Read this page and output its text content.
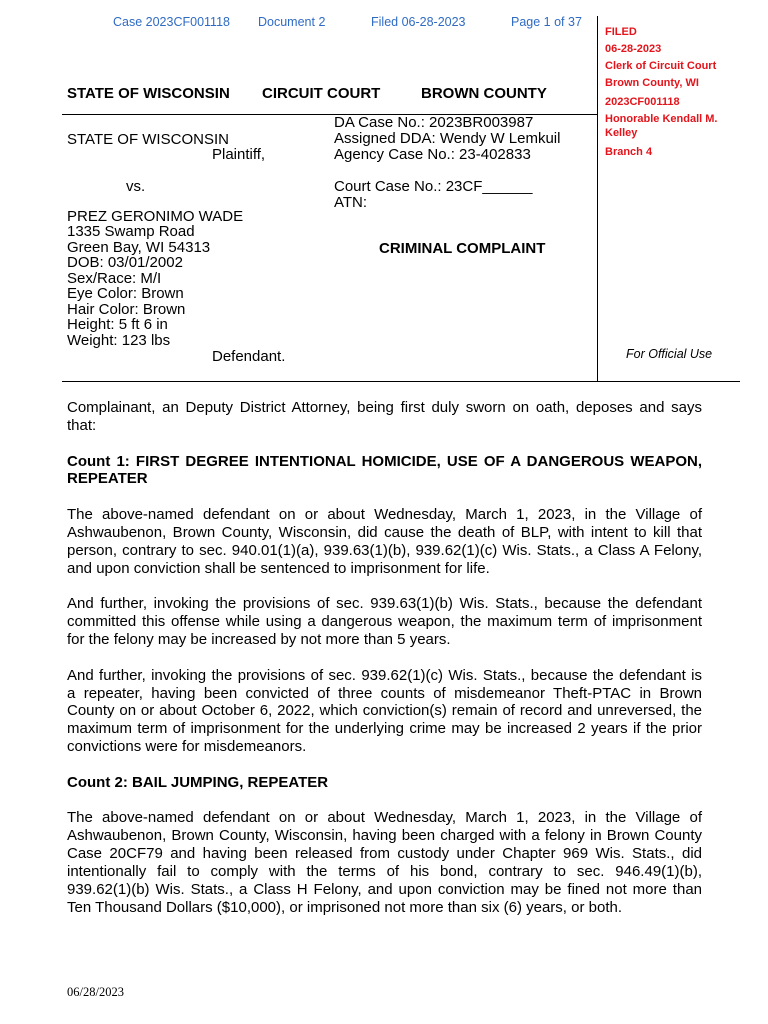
Case 2023CF001118 Document 2	Filed 06-28-2023	Page 1 of 37
FILED
06-28-2023
Clerk of Circuit Court
Brown County, WI
2023CF001118
Honorable Kendall M.
Kelley
Branch 4
STATE OF WISCONSIN CIRCUIT COURT	BROWN COUNTY
STATE OF WISCONSIN
Plaintiff,
vs.
PREZ GERONIMO WADE
1335 Swamp Road
Green Bay, WI 54313
DOB: 03/01/2002
Sex/Race: M/I
Eye Color: Brown
Hair Color: Brown
Height: 5 ft 6 in
Weight: 123 lbs
Defendant.
DA Case No.: 2023BR003987
Assigned DDA: Wendy W Lemkuil
Agency Case No.: 23-402833
Court Case No.: 23CF______
ATN:
CRIMINAL COMPLAINT
For Official Use
Complainant, an Deputy District Attorney, being first duly sworn on oath, deposes and says
that:
Count 1: FIRST DEGREE INTENTIONAL HOMICIDE, USE OF A DANGEROUS WEAPON,
REPEATER
The above-named defendant on or about Wednesday, March 1, 2023, in the Village of
Ashwaubenon, Brown County, Wisconsin, did cause the death of BLP, with intent to kill that
person, contrary to sec. 940.01(1)(a), 939.63(1)(b), 939.62(1)(c) Wis. Stats., a Class A Felony,
and upon conviction shall be sentenced to imprisonment for life.
And further, invoking the provisions of sec. 939.63(1)(b) Wis. Stats., because the defendant
committed this offense while using a dangerous weapon, the maximum term of imprisonment
for the felony may be increased by not more than 5 years.
And further, invoking the provisions of sec. 939.62(1)(c) Wis. Stats., because the defendant is
a repeater, having been convicted of three counts of misdemeanor Theft-PTAC in Brown
County on or about October 6, 2022, which conviction(s) remain of record and unreversed, the
maximum term of imprisonment for the underlying crime may be increased 2 years if the prior
convictions were for misdemeanors.
Count 2: BAIL JUMPING, REPEATER
The above-named defendant on or about Wednesday, March 1, 2023, in the Village of
Ashwaubenon, Brown County, Wisconsin, having been charged with a felony in Brown County
Case 20CF79 and having been released from custody under Chapter 969 Wis. Stats., did
intentionally fail to comply with the terms of his bond, contrary to sec. 946.49(1)(b),
939.62(1)(b) Wis. Stats., a Class H Felony, and upon conviction may be fined not more than
Ten Thousand Dollars ($10,000), or imprisoned not more than six (6) years, or both.
06/28/2023
